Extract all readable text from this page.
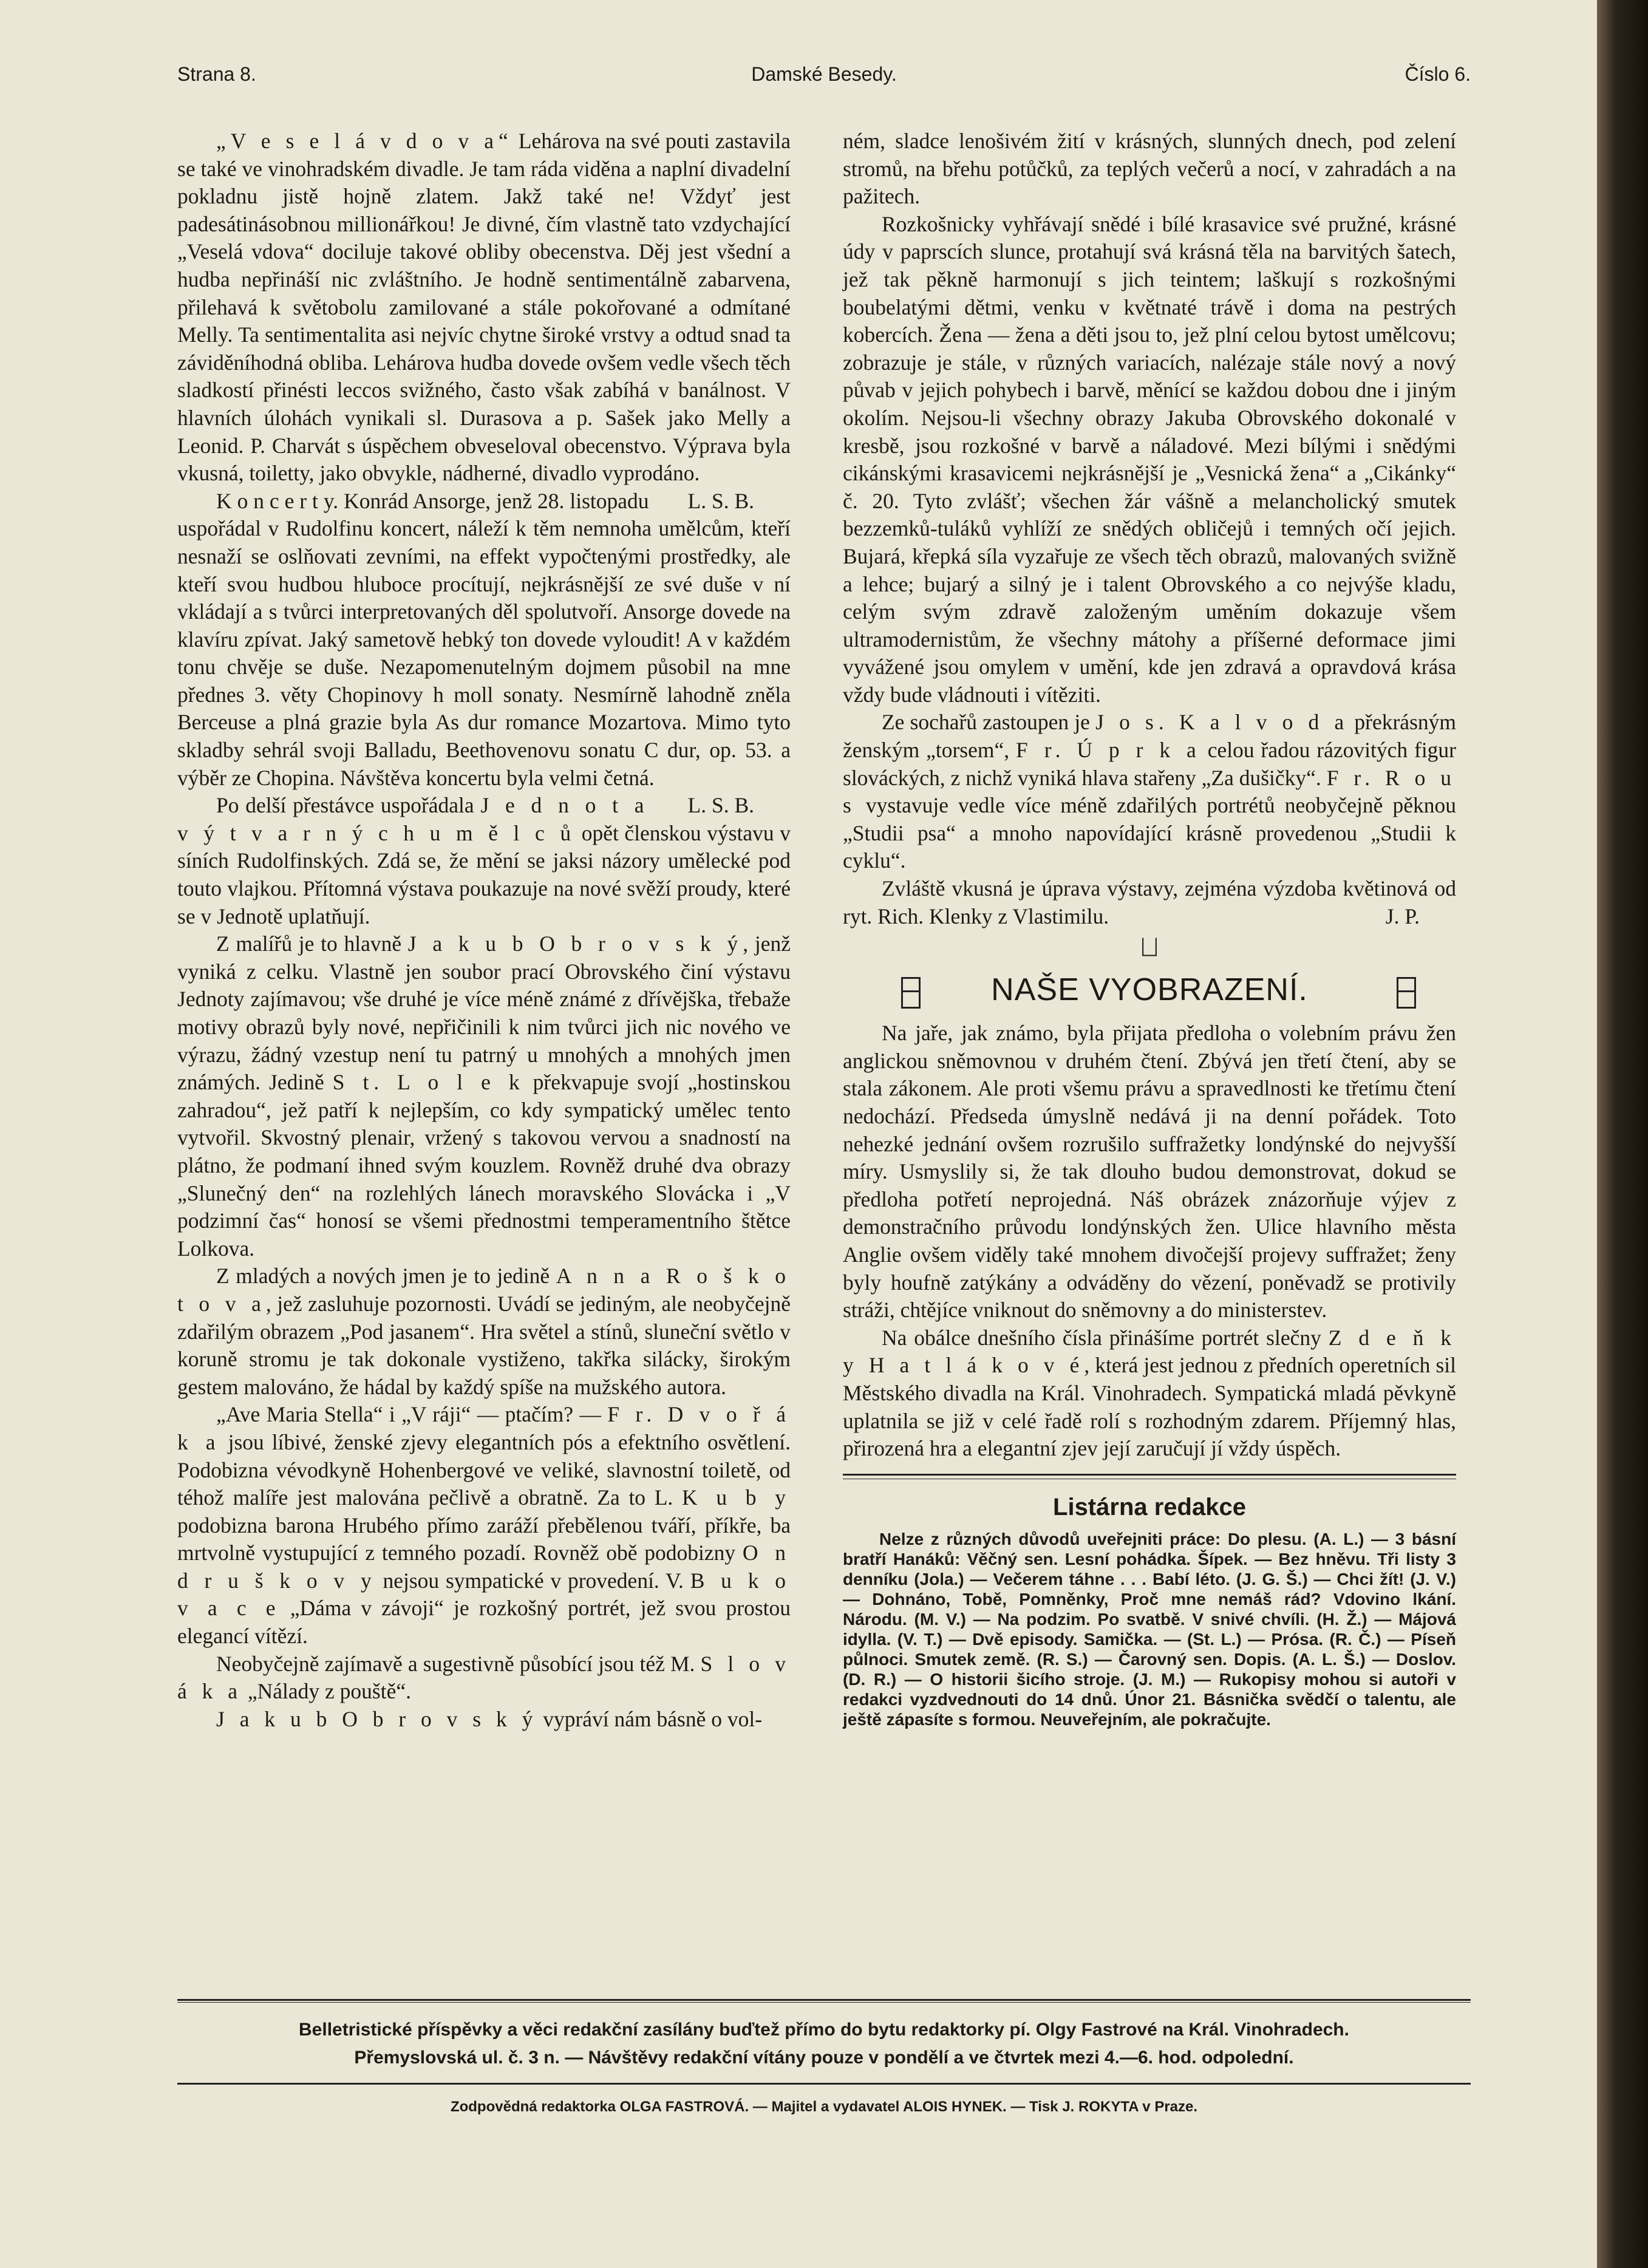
Strana 8.	Damské Besedy.	Číslo 6.

„V e s e l á v d o v a“ Lehárova na své pouti zastavila se také ve vinohradském divadle. Je tam ráda viděna a naplní divadelní pokladnu jistě hojně zlatem. Jakž také ne! Vždyť jest padesátinásobnou millionářkou! Je divné, čím vlastně tato vzdychající „Veselá vdova“ dociluje takové obliby obecenstva. Děj jest všední a hudba nepřináší nic zvláštního. Je hodně sentimentálně zabarvena, přilehavá k světobolu zamilované a stále pokořované a odmítané Melly. Ta sentimentalita asi nejvíc chytne široké vrstvy a odtud snad ta záviděníhodná obliba. Lehárova hudba dovede ovšem vedle všech těch sladkostí přinésti leccos svižného, často však zabíhá v banálnost. V hlavních úlohách vynikali sl. Durasova a p. Sašek jako Melly a Leonid. P. Charvát s úspěchem obveseloval obecenstvo. Výprava byla vkusná, toiletty, jako obvykle, nádherné, divadlo vyprodáno.
L. S. B.

K o n c e r t y. Konrád Ansorge, jenž 28. listopadu uspořádal v Rudolfinu koncert, náleží k těm nemnoha umělcům, kteří nesnaží se oslňovati zevními, na effekt vypočtenými prostředky, ale kteří svou hudbou hluboce procítují, nejkrásnější ze své duše v ní vkládají a s tvůrci interpretovaných děl spolutvoří. Ansorge dovede na klavíru zpívat. Jaký sametově hebký ton dovede vyloudit! A v každém tonu chvěje se duše. Nezapomenutelným dojmem působil na mne přednes 3. věty Chopinovy h moll sonaty. Nesmírně lahodně zněla Berceuse a plná grazie byla As dur romance Mozartova. Mimo tyto skladby sehrál svoji Balladu, Beethovenovu sonatu C dur, op. 53. a výběr ze Chopina. Návštěva koncertu byla velmi četná.
L. S. B.

Po delší přestávce uspořádala J e d n o t a v ý t v a r n ý c h u m ě l c ů opět členskou výstavu v síních Rudolfinských. Zdá se, že mění se jaksi názory umělecké pod touto vlajkou. Přítomná výstava poukazuje na nové svěží proudy, které se v Jednotě uplatňují.

Z malířů je to hlavně J a k u b O b r o v s k ý, jenž vyniká z celku. Vlastně jen soubor prací Obrovského činí výstavu Jednoty zajímavou; vše druhé je více méně známé z dřívějška, třebaže motivy obrazů byly nové, nepřičinili k nim tvůrci jich nic nového ve výrazu, žádný vzestup není tu patrný u mnohých a mnohých jmen známých. Jedině S t. L o l e k překvapuje svojí „hostinskou zahradou“, jež patří k nejlepším, co kdy sympatický umělec tento vytvořil. Skvostný plenair, vržený s takovou vervou a snadností na plátno, že podmaní ihned svým kouzlem. Rovněž druhé dva obrazy „Slunečný den“ na rozlehlých lánech moravského Slovácka i „V podzimní čas“ honosí se všemi přednostmi temperamentního štětce Lolkova.

Z mladých a nových jmen je to jedině A n n a R o š k o t o v a, jež zasluhuje pozornosti. Uvádí se jediným, ale neobyčejně zdařilým obrazem „Pod jasanem“. Hra světel a stínů, sluneční světlo v koruně stromu je tak dokonale vystiženo, takřka silácky, širokým gestem malováno, že hádal by každý spíše na mužského autora.

„Ave Maria Stella“ i „V ráji“ — ptačím? — F r. D v o ř á k a jsou líbivé, ženské zjevy elegantních pós a efektního osvětlení. Podobizna vévodkyně Hohenbergové ve veliké, slavnostní toiletě, od téhož malíře jest malována pečlivě a obratně. Za to L. K u b y podobizna barona Hrubého přímo zaráží přebělenou tváří, příkře, ba mrtvolně vystupující z temného pozadí. Rovněž obě podobizny O n d r u š k o v y nejsou sympatické v provedení. V. B u k o v a c e „Dáma v závoji“ je rozkošný portrét, jež svou prostou elegancí vítězí.

Neobyčejně zajímavě a sugestivně působící jsou též M. S l o v á k a „Nálady z pouště“.

J a k u b O b r o v s k ý vypráví nám básně o vol-

ném, sladce lenošivém žití v krásných, slunných dnech, pod zelení stromů, na břehu potůčků, za teplých večerů a nocí, v zahradách a na pažitech.

Rozkošnicky vyhřávají snědé i bílé krasavice své pružné, krásné údy v paprscích slunce, protahují svá krásná těla na barvitých šatech, jež tak pěkně harmonují s jich teintem; laškují s rozkošnými boubelatými dětmi, venku v květnaté trávě i doma na pestrých kobercích. Žena — žena a děti jsou to, jež plní celou bytost umělcovu; zobrazuje je stále, v různých variacích, nalézaje stále nový a nový půvab v jejich pohybech i barvě, měnící se každou dobou dne i jiným okolím. Nejsou-li všechny obrazy Jakuba Obrovského dokonalé v kresbě, jsou rozkošné v barvě a náladové. Mezi bílými i snědými cikánskými krasavicemi nejkrásnější je „Vesnická žena“ a „Cikánky“ č. 20. Tyto zvlášť; všechen žár vášně a melancholický smutek bezzemků-tuláků vyhlíží ze snědých obličejů i temných očí jejich. Bujará, křepká síla vyzařuje ze všech těch obrazů, malovaných svižně a lehce; bujarý a silný je i talent Obrovského a co nejvýše kladu, celým svým zdravě založeným uměním dokazuje všem ultramodernistům, že všechny mátohy a příšerné deformace jimi vyvážené jsou omylem v umění, kde jen zdravá a opravdová krása vždy bude vládnouti i vítěziti.

Ze sochařů zastoupen je J o s. K a l v o d a překrásným ženským „torsem“, F r. Ú p r k a celou řadou rázovitých figur slováckých, z nichž vyniká hlava stařeny „Za dušičky“. F r. R o u s vystavuje vedle více méně zdařilých portrétů neobyčejně pěknou „Studii psa“ a mnoho napovídající krásně provedenou „Studii k cyklu“.

Zvláště vkusná je úprava výstavy, zejména výzdoba květinová od ryt. Rich. Klenky z Vlastimilu.	J. P.

NAŠE VYOBRAZENÍ.

Na jaře, jak známo, byla přijata předloha o volebním právu žen anglickou sněmovnou v druhém čtení. Zbývá jen třetí čtení, aby se stala zákonem. Ale proti všemu právu a spravedlnosti ke třetímu čtení nedochází. Předseda úmyslně nedává ji na denní pořádek. Toto nehezké jednání ovšem rozrušilo suffražetky londýnské do nejvyšší míry. Usmyslily si, že tak dlouho budou demonstrovat, dokud se předloha potřetí neprojedná. Náš obrázek znázorňuje výjev z demonstračního průvodu londýnských žen. Ulice hlavního města Anglie ovšem viděly také mnohem divočejší projevy suffražet; ženy byly houfně zatýkány a odváděny do vězení, poněvadž se protivily stráži, chtějíce vniknout do sněmovny a do ministerstev.

Na obálce dnešního čísla přinášíme portrét slečny Z d e ň k y H a t l á k o v é, která jest jednou z předních operetních sil Městského divadla na Král. Vinohradech. Sympatická mladá pěvkyně uplatnila se již v celé řadě rolí s rozhodným zdarem. Příjemný hlas, přirozená hra a elegantní zjev její zaručují jí vždy úspěch.

Listárna redakce

Nelze z různých důvodů uveřejniti práce: Do plesu. (A. L.) — 3 básní bratří Hanáků: Věčný sen. Lesní pohádka. Šípek. — Bez hněvu. Tři listy 3 denníku (Jola.) — Večerem táhne . . . Babí léto. (J. G. Š.) — Chci žít! (J. V.) — Dohnáno, Tobě, Pomněnky, Proč mne nemáš rád? Vdovino lkání. Národu. (M. V.) — Na podzim. Po svatbě. V snivé chvíli. (H. Ž.) — Májová idylla. (V. T.) — Dvě episody. Samička. — (St. L.) — Prósa. (R. Č.) — Píseň půlnoci. Smutek země. (R. S.) — Čarovný sen. Dopis. (A. L. Š.) — Doslov. (D. R.) — O historii šicího stroje. (J. M.) — Rukopisy mohou si autoři v redakci vyzdvednouti do 14 dnů. Únor 21. Básnička svědčí o talentu, ale ještě zápasíte s formou. Neuveřejním, ale pokračujte.

Belletristické příspěvky a věci redakční zasílány buďtež přímo do bytu redaktorky pí. Olgy Fastrové na Král. Vinohradech.
Přemyslovská ul. č. 3 n. — Návštěvy redakční vítány pouze v pondělí a ve čtvrtek mezi 4.—6. hod. odpolední.
Zodpovědná redaktorka OLGA FASTROVÁ. — Majitel a vydavatel ALOIS HYNEK. — Tisk J. ROKYTA v Praze.
